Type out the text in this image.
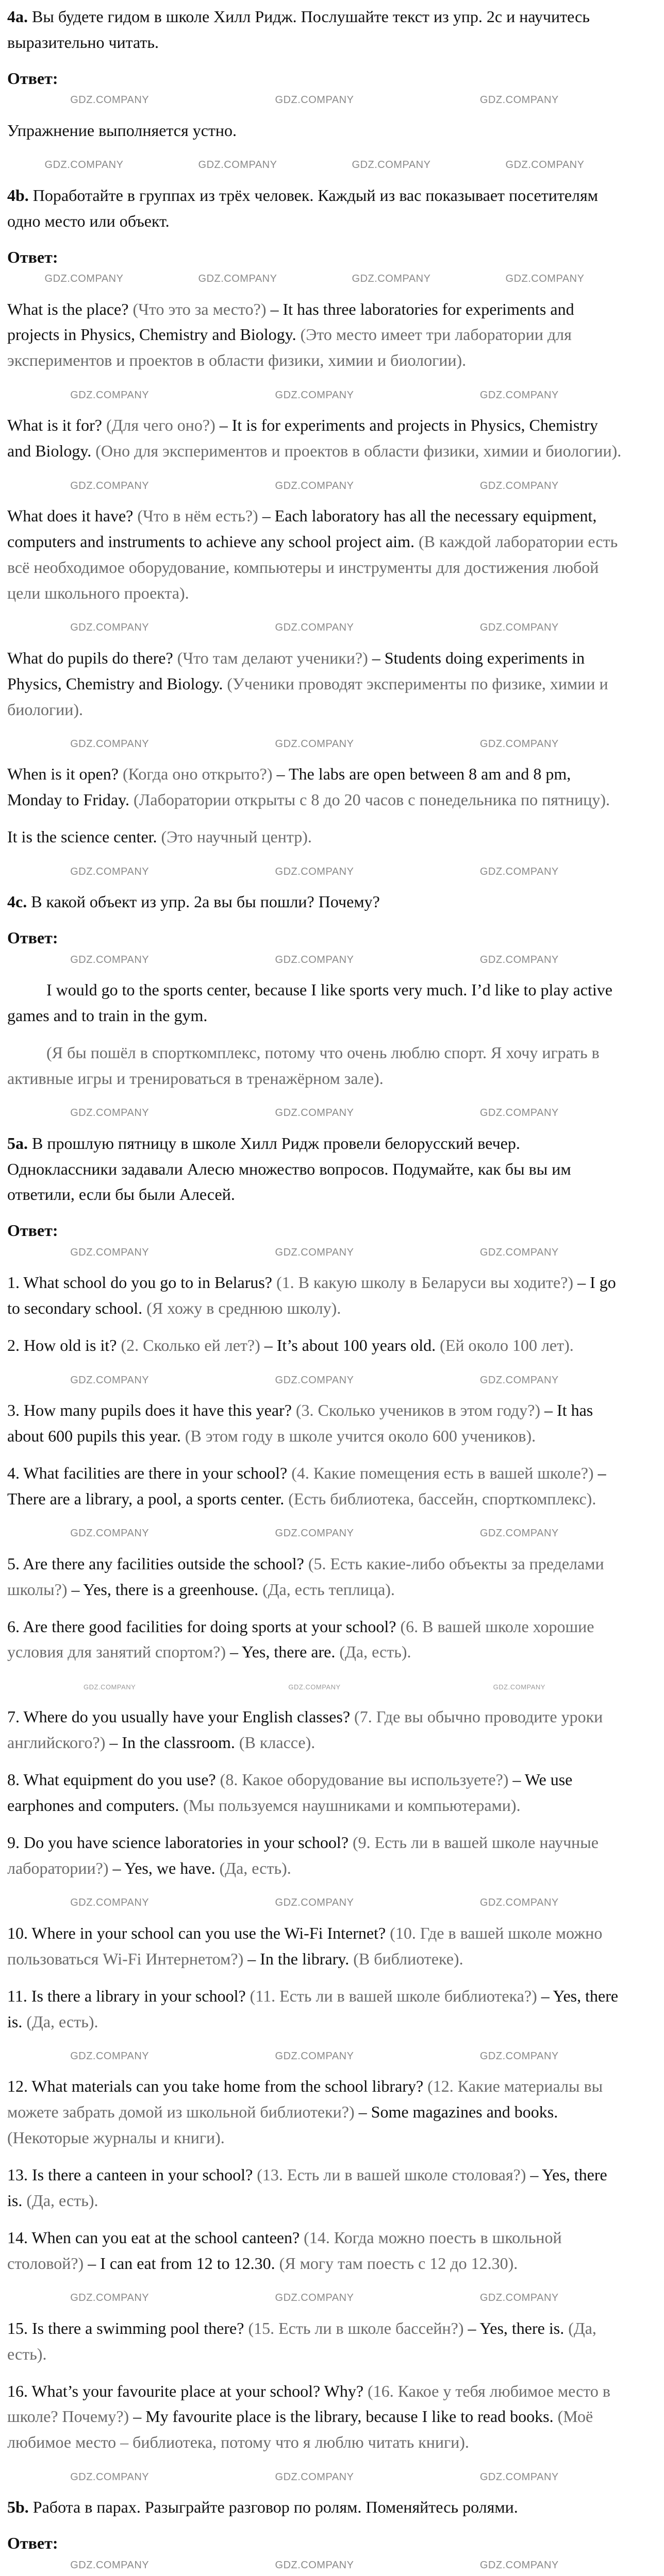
4а. Вы будете гидом в школе Хилл Ридж. Послушайте текст из упр. 2с и научитесь выразительно читать.

Ответ:
GDZ.COMPANY	GDZ.COMPANY	GDZ.COMPANY

Упражнение выполняется устно.

GDZ.COMPANY	GDZ.COMPANY	GDZ.COMPANY	GDZ.COMPANY

4b. Поработайте в группах из трёх человек. Каждый из вас показывает посетителям одно место или объект.

Ответ:
GDZ.COMPANY	GDZ.COMPANY	GDZ.COMPANY	GDZ.COMPANY

What is the place? (Что это за место?) – It has three laboratories for experiments and projects in Physics, Chemistry and Biology. (Это место имеет три лаборатории для экспериментов и проектов в области физики, химии и биологии).

GDZ.COMPANY	GDZ.COMPANY	GDZ.COMPANY

What is it for? (Для чего оно?) – It is for experiments and projects in Physics, Chemistry and Biology. (Оно для экспериментов и проектов в области физики, химии и биологии).

GDZ.COMPANY	GDZ.COMPANY	GDZ.COMPANY

What does it have? (Что в нём есть?) – Each laboratory has all the necessary equipment, computers and instruments to achieve any school project aim. (В каждой лаборатории есть всё необходимое оборудование, компьютеры и инструменты для достижения любой цели школьного проекта).

GDZ.COMPANY	GDZ.COMPANY	GDZ.COMPANY

What do pupils do there? (Что там делают ученики?) – Students doing experiments in Physics, Chemistry and Biology. (Ученики проводят эксперименты по физике, химии и биологии).

GDZ.COMPANY	GDZ.COMPANY	GDZ.COMPANY

When is it open? (Когда оно открыто?) – The labs are open between 8 am and 8 pm, Monday to Friday. (Лаборатории открыты с 8 до 20 часов с понедельника по пятницу).

It is the science center. (Это научный центр).

GDZ.COMPANY	GDZ.COMPANY	GDZ.COMPANY

4с. В какой объект из упр. 2а вы бы пошли? Почему?

Ответ:
GDZ.COMPANY	GDZ.COMPANY	GDZ.COMPANY

I would go to the sports center, because I like sports very much. I’d like to play active games and to train in the gym.

(Я бы пошёл в спорткомплекс, потому что очень люблю спорт. Я хочу играть в активные игры и тренироваться в тренажёрном зале).

GDZ.COMPANY	GDZ.COMPANY	GDZ.COMPANY

5а. В прошлую пятницу в школе Хилл Ридж провели белорусский вечер. Одноклассники задавали Алесю множество вопросов. Подумайте, как бы вы им ответили, если бы были Алесей.

Ответ:
GDZ.COMPANY	GDZ.COMPANY	GDZ.COMPANY

1. What school do you go to in Belarus? (1. В какую школу в Беларуси вы ходите?) – I go to secondary school. (Я хожу в среднюю школу).

2. How old is it? (2. Сколько ей лет?) – It’s about 100 years old. (Ей около 100 лет).

GDZ.COMPANY	GDZ.COMPANY	GDZ.COMPANY

3. How many pupils does it have this year? (3. Сколько учеников в этом году?) – It has about 600 pupils this year. (В этом году в школе учится около 600 учеников).

4. What facilities are there in your school? (4. Какие помещения есть в вашей школе?) – There are a library, a pool, a sports center. (Есть библиотека, бассейн, спорткомплекс).

GDZ.COMPANY	GDZ.COMPANY	GDZ.COMPANY

5. Are there any facilities outside the school? (5. Есть какие-либо объекты за пределами школы?) – Yes, there is a greenhouse. (Да, есть теплица).

6. Are there good facilities for doing sports at your school? (6. В вашей школе хорошие условия для занятий спортом?) – Yes, there are. (Да, есть).

GDZ.COMPANY	GDZ.COMPANY	GDZ.COMPANY

7. Where do you usually have your English classes? (7. Где вы обычно проводите уроки английского?) – In the classroom. (В классе).

8. What equipment do you use? (8. Какое оборудование вы используете?) – We use earphones and computers. (Мы пользуемся наушниками и компьютерами).

9. Do you have science laboratories in your school? (9. Есть ли в вашей школе научные лаборатории?) – Yes, we have. (Да, есть).

GDZ.COMPANY	GDZ.COMPANY	GDZ.COMPANY

10. Where in your school can you use the Wi-Fi Internet? (10. Где в вашей школе можно пользоваться Wi-Fi Интернетом?) – In the library. (В библиотеке).

11. Is there a library in your school? (11. Есть ли в вашей школе библиотека?) – Yes, there is. (Да, есть).

GDZ.COMPANY	GDZ.COMPANY	GDZ.COMPANY

12. What materials can you take home from the school library? (12. Какие материалы вы можете забрать домой из школьной библиотеки?) – Some magazines and books. (Некоторые журналы и книги).

13. Is there a canteen in your school? (13. Есть ли в вашей школе столовая?) – Yes, there is. (Да, есть).

14. When can you eat at the school canteen? (14. Когда можно поесть в школьной столовой?) – I can eat from 12 to 12.30. (Я могу там поесть с 12 до 12.30).

GDZ.COMPANY	GDZ.COMPANY	GDZ.COMPANY

15. Is there a swimming pool there? (15. Есть ли в школе бассейн?) – Yes, there is. (Да, есть).

16. What’s your favourite place at your school? Why? (16. Какое у тебя любимое место в школе? Почему?) – My favourite place is the library, because I like to read books. (Моё любимое место – библиотека, потому что я люблю читать книги).

GDZ.COMPANY	GDZ.COMPANY	GDZ.COMPANY

5b. Работа в парах. Разыграйте разговор по ролям. Поменяйтесь ролями.

Ответ:
GDZ.COMPANY	GDZ.COMPANY	GDZ.COMPANY
